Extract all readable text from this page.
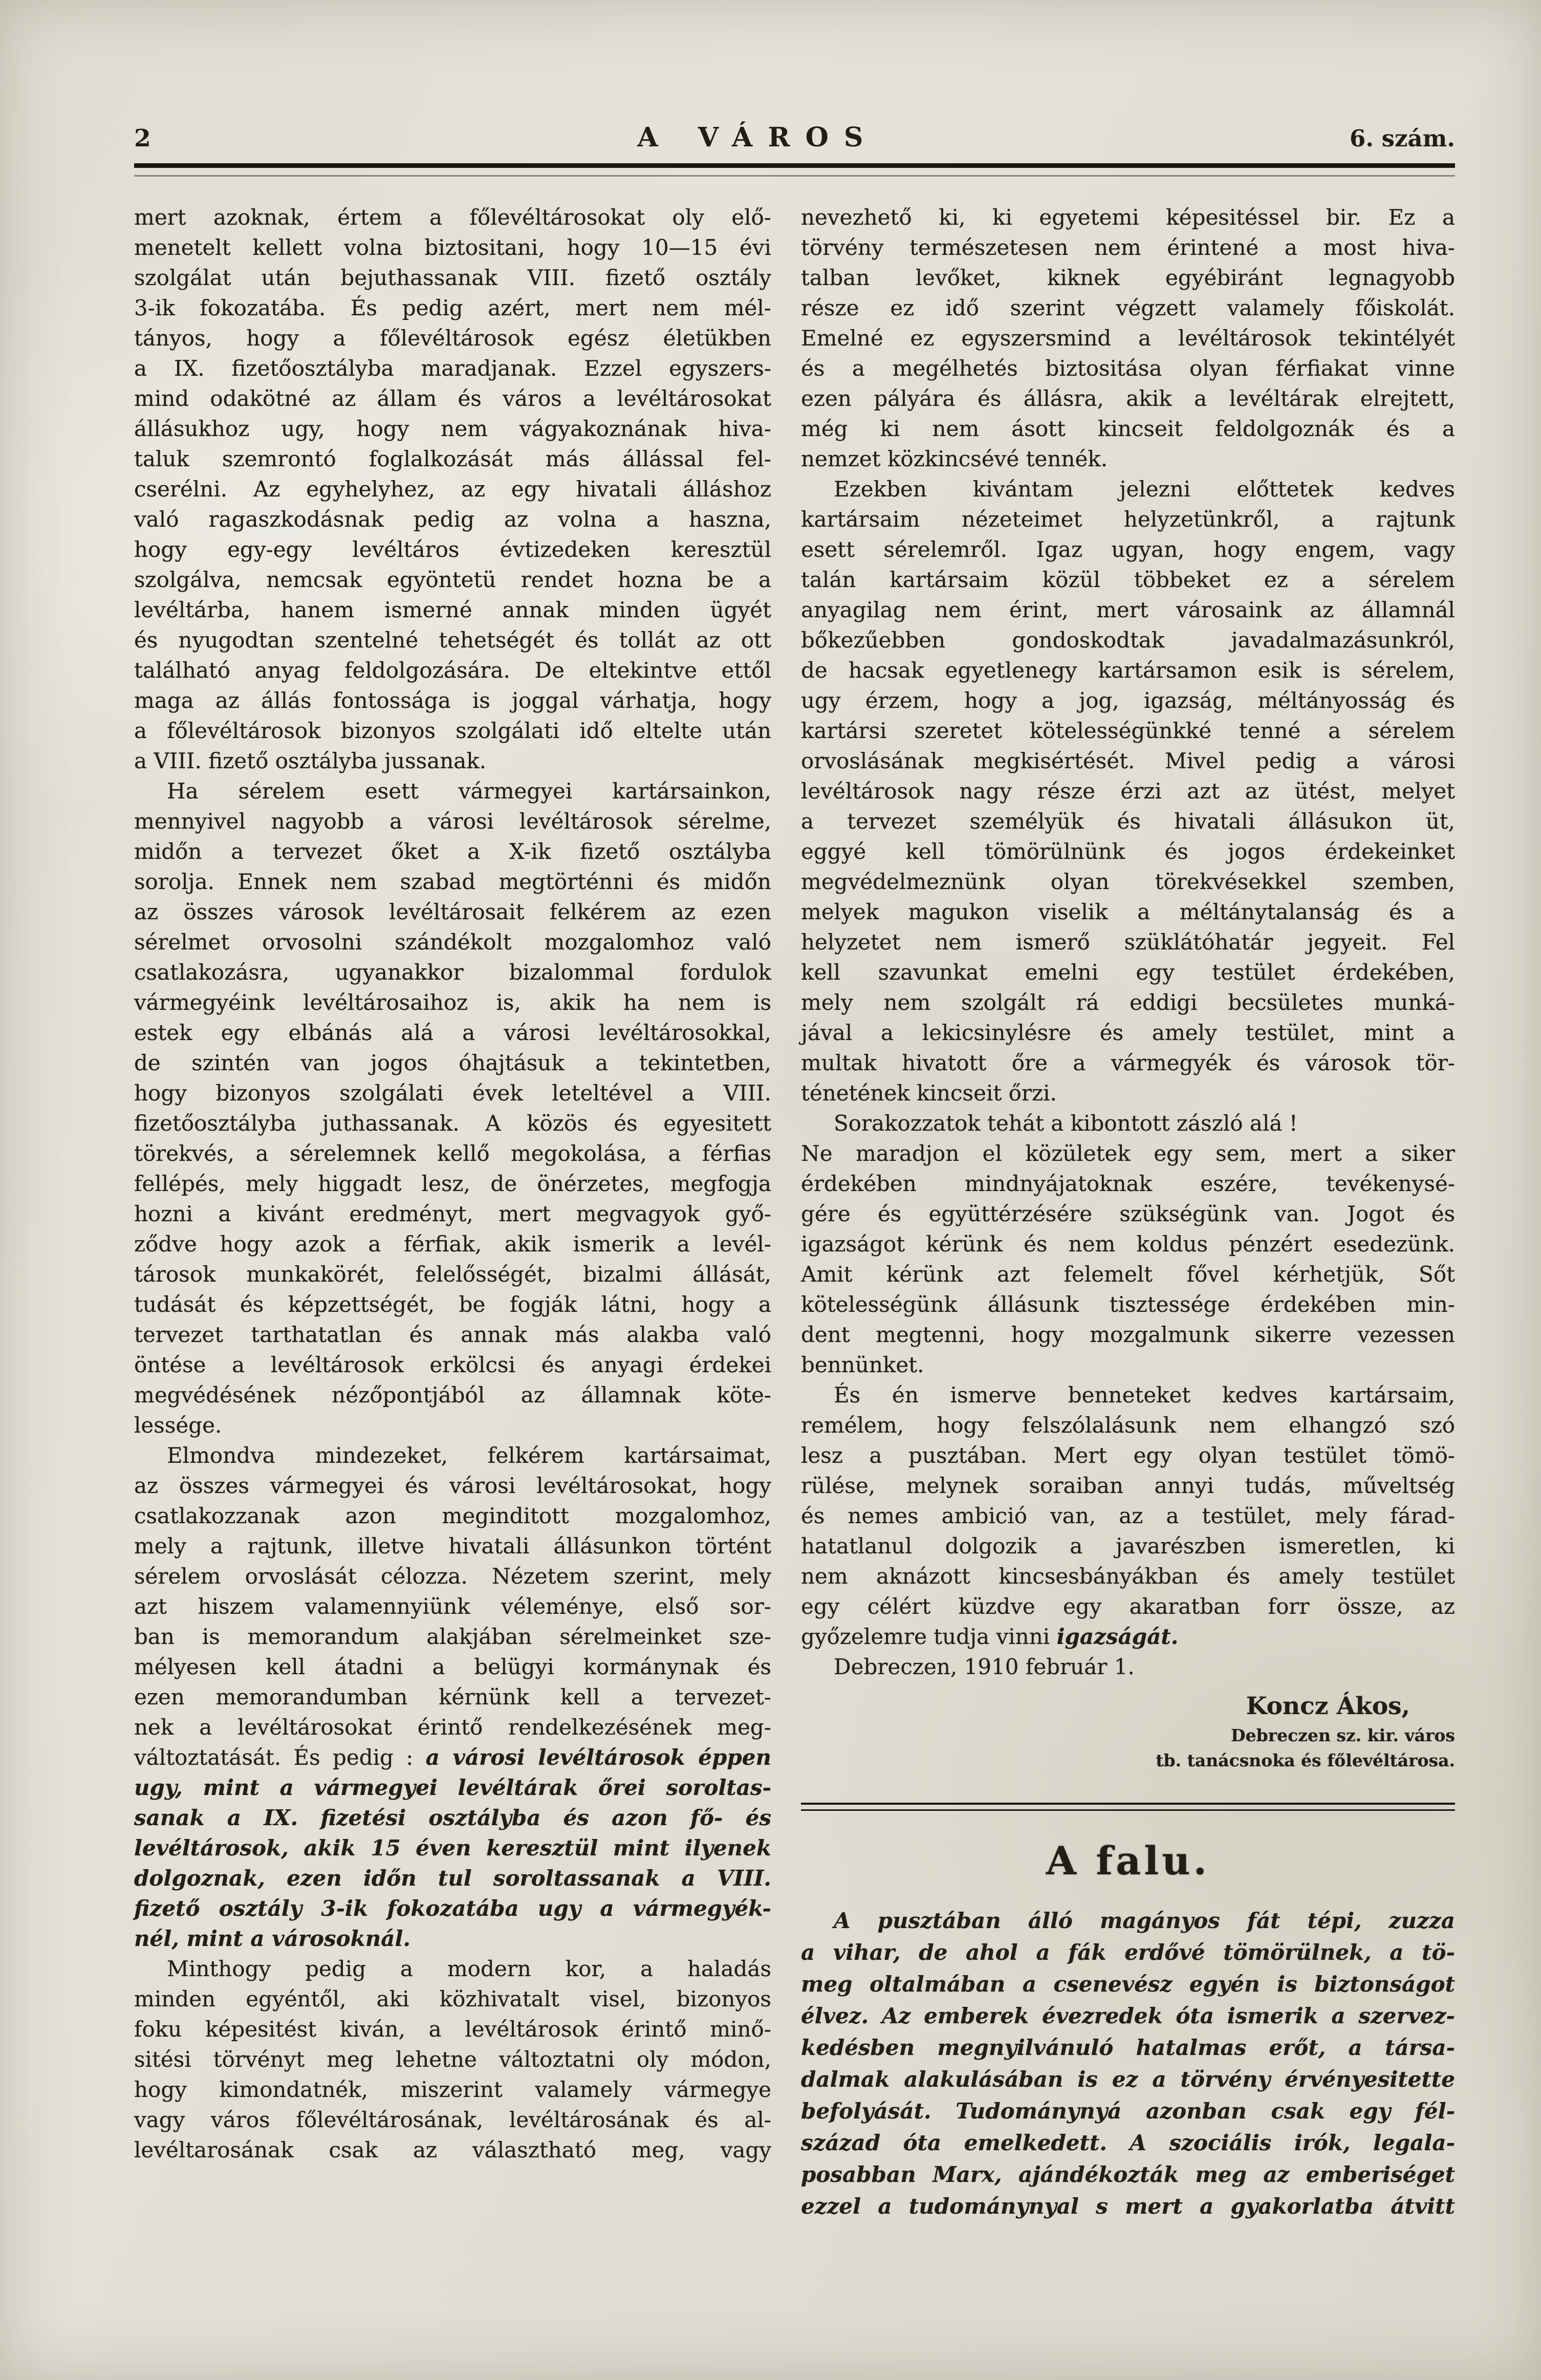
2	A VÁROS	6. szám.
mert azoknak, értem a főlevéltárosokat oly elő-
menetelt kellett volna biztositani, hogy 10—15 évi
szolgálat után bejuthassanak VIII. fizető osztály
3-ik fokozatába. És pedig azért, mert nem mél-
tányos, hogy a főlevéltárosok egész életükben
a IX. fizetőosztályba maradjanak. Ezzel egyszers-
mind odakötné az állam és város a levéltárosokat
állásukhoz ugy, hogy nem vágyakoznának hiva-
taluk szemrontó foglalkozását más állással fel-
cserélni. Az egyhelyhez, az egy hivatali álláshoz
való ragaszkodásnak pedig az volna a haszna,
hogy egy-egy levéltáros évtizedeken keresztül
szolgálva, nemcsak egyöntetü rendet hozna be a
levéltárba, hanem ismerné annak minden ügyét
és nyugodtan szentelné tehetségét és tollát az ott
található anyag feldolgozására. De eltekintve ettől
maga az állás fontossága is joggal várhatja, hogy
a főlevéltárosok bizonyos szolgálati idő eltelte után
a VIII. fizető osztályba jussanak.
Ha sérelem esett vármegyei kartársainkon,
mennyivel nagyobb a városi levéltárosok sérelme,
midőn a tervezet őket a X-ik fizető osztályba
sorolja. Ennek nem szabad megtörténni és midőn
az összes városok levéltárosait felkérem az ezen
sérelmet orvosolni szándékolt mozgalomhoz való
csatlakozásra, ugyanakkor bizalommal fordulok
vármegyéink levéltárosaihoz is, akik ha nem is
estek egy elbánás alá a városi levéltárosokkal,
de szintén van jogos óhajtásuk a tekintetben,
hogy bizonyos szolgálati évek leteltével a VIII.
fizetőosztályba juthassanak. A közös és egyesitett
törekvés, a sérelemnek kellő megokolása, a férfias
fellépés, mely higgadt lesz, de önérzetes, megfogja
hozni a kivánt eredményt, mert megvagyok győ-
ződve hogy azok a férfiak, akik ismerik a levél-
tárosok munkakörét, felelősségét, bizalmi állását,
tudását és képzettségét, be fogják látni, hogy a
tervezet tarthatatlan és annak más alakba való
öntése a levéltárosok erkölcsi és anyagi érdekei
megvédésének nézőpontjából az államnak köte-
lessége.
Elmondva mindezeket, felkérem kartársaimat,
az összes vármegyei és városi levéltárosokat, hogy
csatlakozzanak azon meginditott mozgalomhoz,
mely a rajtunk, illetve hivatali állásunkon történt
sérelem orvoslását célozza. Nézetem szerint, mely
azt hiszem valamennyiünk véleménye, első sor-
ban is memorandum alakjában sérelmeinket sze-
mélyesen kell átadni a belügyi kormánynak és
ezen memorandumban kérnünk kell a tervezet-
nek a levéltárosokat érintő rendelkezésének meg-
változtatását. És pedig : a városi levéltárosok éppen
ugy, mint a vármegyei levéltárak őrei soroltas-
sanak a IX. fizetési osztályba és azon fő- és
levéltárosok, akik 15 éven keresztül mint ilyenek
dolgoznak, ezen időn tul soroltassanak a VIII.
fizető osztály 3-ik fokozatába ugy a vármegyék-
nél, mint a városoknál.
Minthogy pedig a modern kor, a haladás
minden egyéntől, aki közhivatalt visel, bizonyos
foku képesitést kiván, a levéltárosok érintő minő-
sitési törvényt meg lehetne változtatni oly módon,
hogy kimondatnék, miszerint valamely vármegye
vagy város főlevéltárosának, levéltárosának és al-
levéltarosának csak az választható meg, vagy
nevezhető ki, ki egyetemi képesitéssel bir. Ez a
törvény természetesen nem érintené a most hiva-
talban levőket, kiknek egyébiránt legnagyobb
része ez idő szerint végzett valamely főiskolát.
Emelné ez egyszersmind a levéltárosok tekintélyét
és a megélhetés biztositása olyan férfiakat vinne
ezen pályára és állásra, akik a levéltárak elrejtett,
még ki nem ásott kincseit feldolgoznák és a
nemzet közkincsévé tennék.
Ezekben kivántam jelezni előttetek kedves
kartársaim nézeteimet helyzetünkről, a rajtunk
esett sérelemről. Igaz ugyan, hogy engem, vagy
talán kartársaim közül többeket ez a sérelem
anyagilag nem érint, mert városaink az államnál
bőkezűebben gondoskodtak javadalmazásunkról,
de hacsak egyetlenegy kartársamon esik is sérelem,
ugy érzem, hogy a jog, igazság, méltányosság és
kartársi szeretet kötelességünkké tenné a sérelem
orvoslásának megkisértését. Mivel pedig a városi
levéltárosok nagy része érzi azt az ütést, melyet
a tervezet személyük és hivatali állásukon üt,
eggyé kell tömörülnünk és jogos érdekeinket
megvédelmeznünk olyan törekvésekkel szemben,
melyek magukon viselik a méltánytalanság és a
helyzetet nem ismerő szüklátóhatár jegyeit. Fel
kell szavunkat emelni egy testület érdekében,
mely nem szolgált rá eddigi becsületes munká-
jával a lekicsinylésre és amely testület, mint a
multak hivatott őre a vármegyék és városok tör-
ténetének kincseit őrzi.
Sorakozzatok tehát a kibontott zászló alá !
Ne maradjon el közületek egy sem, mert a siker
érdekében mindnyájatoknak eszére, tevékenysé-
gére és együttérzésére szükségünk van. Jogot és
igazságot kérünk és nem koldus pénzért esedezünk.
Amit kérünk azt felemelt fővel kérhetjük, Sőt
kötelességünk állásunk tisztessége érdekében min-
dent megtenni, hogy mozgalmunk sikerre vezessen
bennünket.
És én ismerve benneteket kedves kartársaim,
remélem, hogy felszólalásunk nem elhangzó szó
lesz a pusztában. Mert egy olyan testület tömö-
rülése, melynek soraiban annyi tudás, műveltség
és nemes ambició van, az a testület, mely fárad-
hatatlanul dolgozik a javarészben ismeretlen, ki
nem aknázott kincsesbányákban és amely testület
egy célért küzdve egy akaratban forr össze, az
győzelemre tudja vinni igazságát.
Debreczen, 1910 február 1.
Koncz Ákos,
Debreczen sz. kir. város
tb. tanácsnoka és főlevéltárosa.
A falu.
A pusztában álló magányos fát tépi, zuzza
a vihar, de ahol a fák erdővé tömörülnek, a tö-
meg oltalmában a csenevész egyén is biztonságot
élvez. Az emberek évezredek óta ismerik a szervez-
kedésben megnyilvánuló hatalmas erőt, a társa-
dalmak alakulásában is ez a törvény érvényesitette
befolyását. Tudománynyá azonban csak egy fél-
század óta emelkedett. A szociális irók, legala-
posabban Marx, ajándékozták meg az emberiséget
ezzel a tudománynyal s mert a gyakorlatba átvitt
